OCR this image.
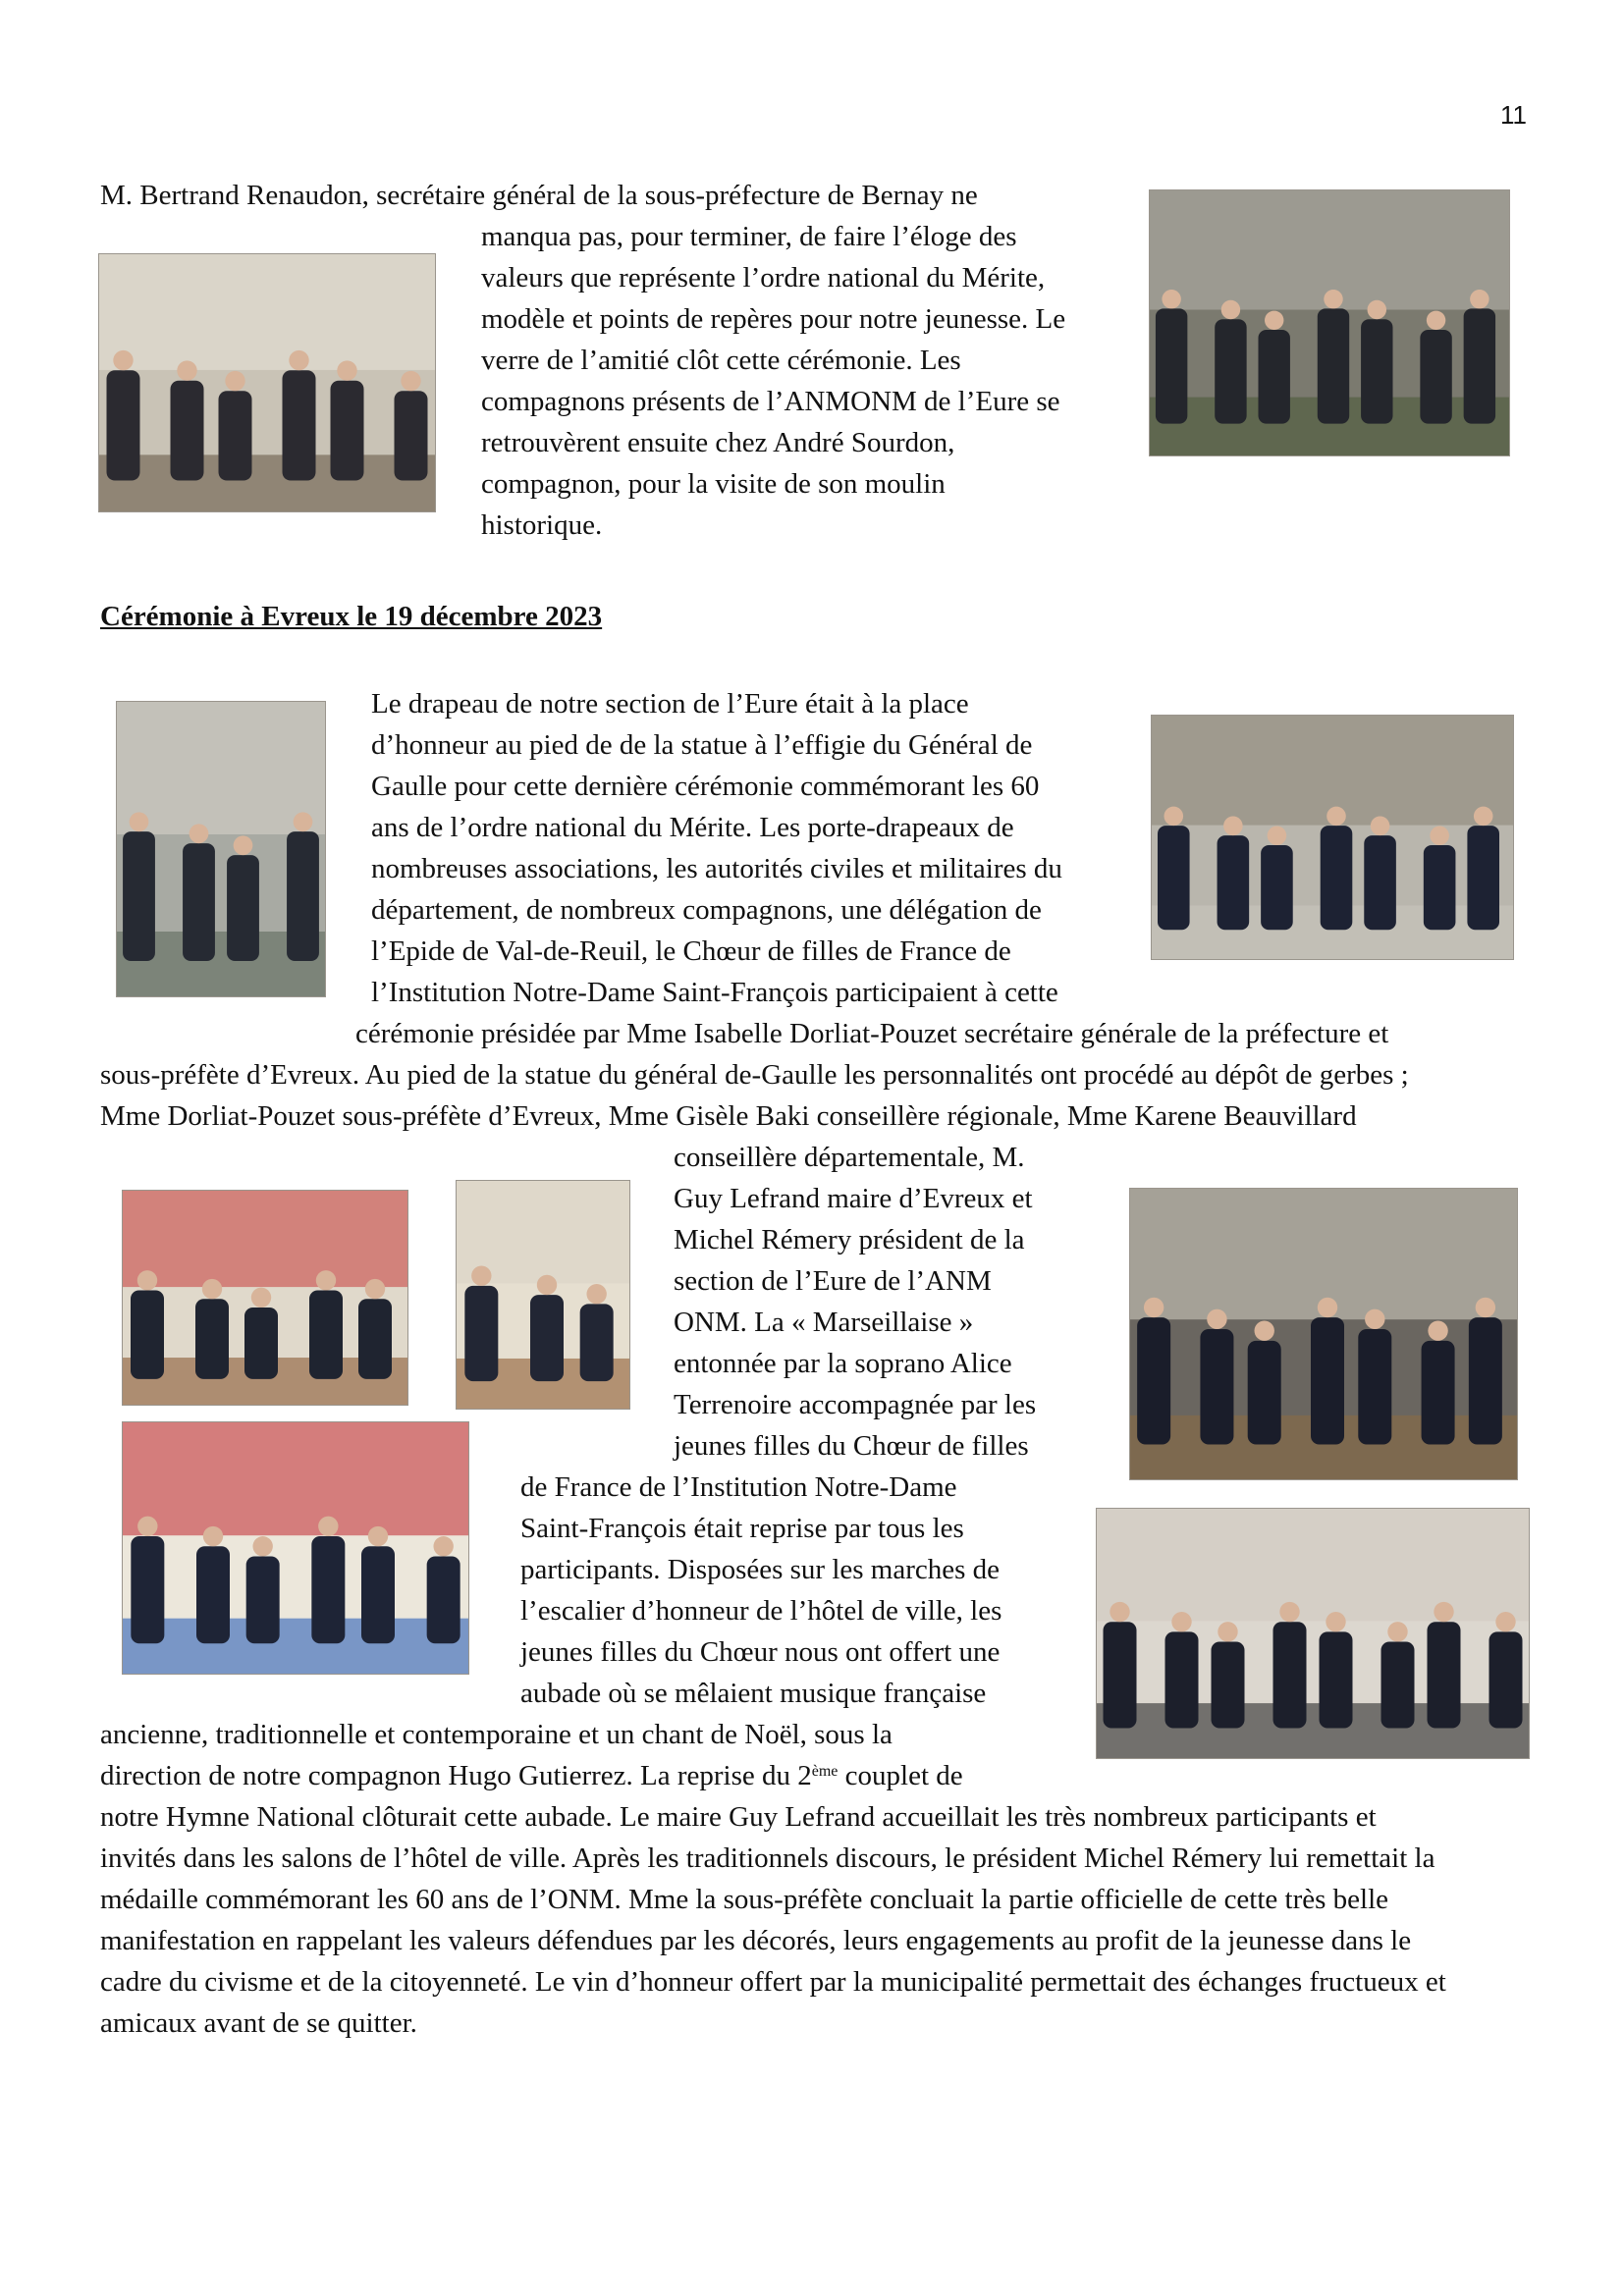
11
M. Bertrand Renaudon, secrétaire général de la sous-préfecture de Bernay ne
manqua pas, pour terminer, de faire l’éloge des
valeurs que représente l’ordre national du Mérite,
modèle et points de repères pour notre jeunesse. Le
verre de l’amitié clôt cette cérémonie. Les
compagnons présents de l’ANMONM de l’Eure se
retrouvèrent ensuite chez André Sourdon,
compagnon, pour la visite de son moulin
historique.
Cérémonie à Evreux le 19 décembre 2023
Le drapeau de notre section de l’Eure était à la place
d’honneur au pied de de la statue à l’effigie du Général de
Gaulle pour cette dernière cérémonie commémorant les 60
ans de l’ordre national du Mérite. Les porte-drapeaux de
nombreuses associations, les autorités civiles et militaires du
département, de nombreux compagnons, une délégation de
l’Epide de Val-de-Reuil, le Chœur de filles de France de
l’Institution Notre-Dame Saint-François participaient à cette
cérémonie présidée par Mme Isabelle Dorliat-Pouzet secrétaire générale de la préfecture et
sous-préfète d’Evreux. Au pied de la statue du général de-Gaulle les personnalités ont procédé au dépôt de gerbes ;
Mme Dorliat-Pouzet sous-préfète d’Evreux, Mme Gisèle Baki conseillère régionale, Mme Karene Beauvillard
conseillère départementale, M.
Guy Lefrand maire d’Evreux et
Michel Rémery président de la
section de l’Eure de l’ANM
ONM. La « Marseillaise »
entonnée par la soprano Alice
Terrenoire accompagnée par les
jeunes filles du Chœur de filles
de France de l’Institution Notre-Dame
Saint-François était reprise par tous les
participants. Disposées sur les marches de
l’escalier d’honneur de l’hôtel de ville, les
jeunes filles du Chœur nous ont offert une
aubade où se mêlaient musique française
ancienne, traditionnelle et contemporaine et un chant de Noël, sous la
direction de notre compagnon Hugo Gutierrez. La reprise du 2ème couplet de
notre Hymne National clôturait cette aubade. Le maire Guy Lefrand accueillait les très nombreux participants et
invités dans les salons de l’hôtel de ville. Après les traditionnels discours, le président Michel Rémery lui remettait la
médaille commémorant les 60 ans de l’ONM. Mme la sous-préfète concluait la partie officielle de cette très belle
manifestation en rappelant les valeurs défendues par les décorés, leurs engagements au profit de la jeunesse dans le
cadre du civisme et de la citoyenneté. Le vin d’honneur offert par la municipalité permettait des échanges fructueux et
amicaux avant de se quitter.
